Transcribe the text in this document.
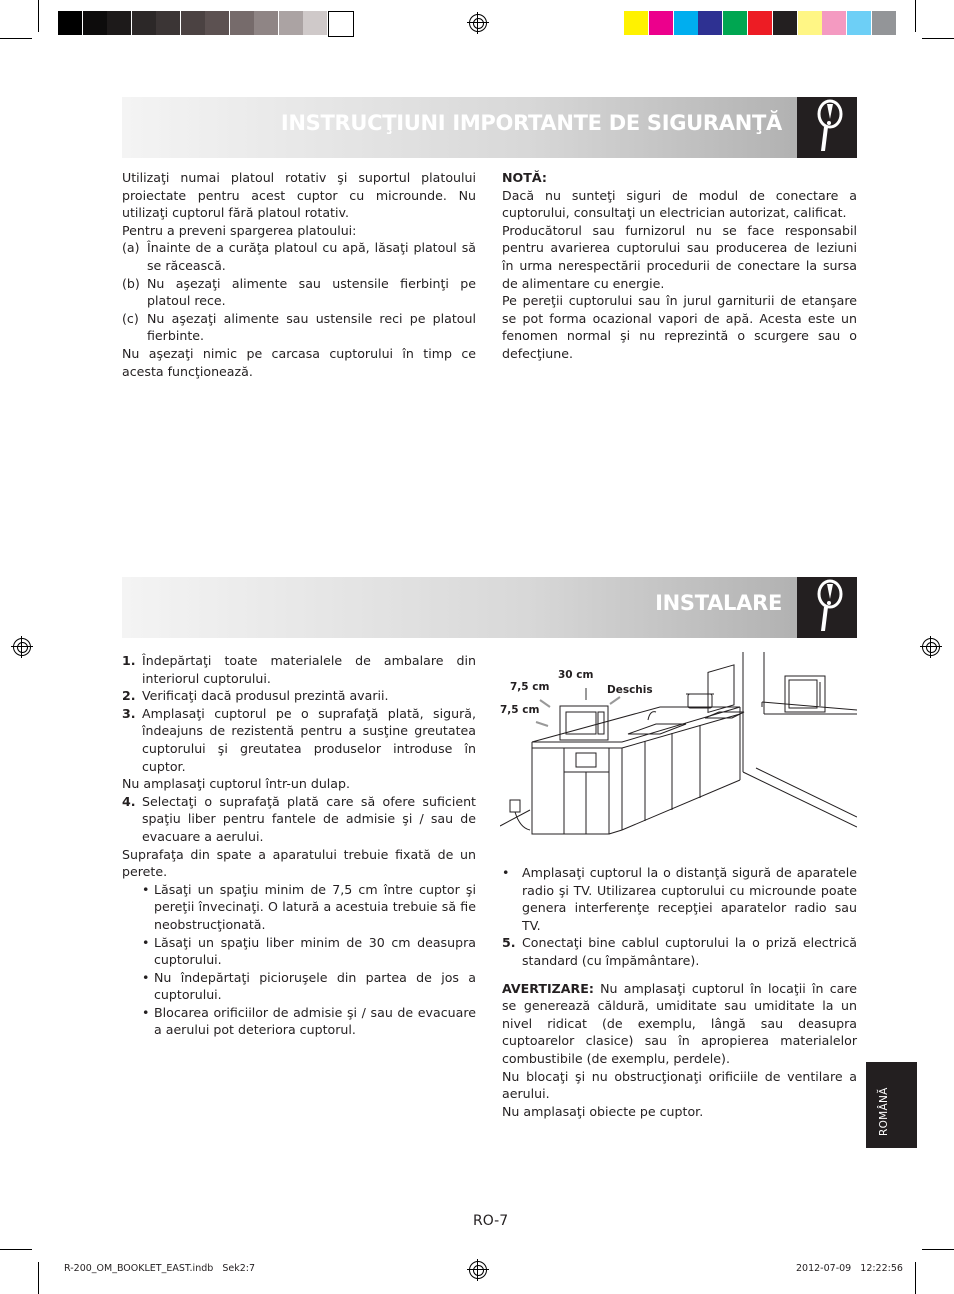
INSTRUCŢIUNI IMPORTANTE DE SIGURANŢĂ

Utilizaţi numai platoul rotativ şi suportul platoului proiectate pentru acest cuptor cu microunde. Nu utilizaţi cuptorul fără platoul rotativ.

Pentru a preveni spargerea platoului:

(a) Înainte de a curăţa platoul cu apă, lăsaţi platoul să se răcească.
(b) Nu aşezaţi alimente sau ustensile fierbinţi pe platoul rece.
(c) Nu aşezaţi alimente sau ustensile reci pe platoul fierbinte.

Nu aşezaţi nimic pe carcasa cuptorului în timp ce acesta funcţionează.

NOTĂ:

Dacă nu sunteţi siguri de modul de conectare a cuptorului, consultaţi un electrician autorizat, calificat.

Producătorul sau furnizorul nu se face responsabil pentru avarierea cuptorului sau producerea de leziuni în urma nerespectării procedurii de conectare la sursa de alimentare cu energie.

Pe pereţii cuptorului sau în jurul garniturii de etanşare se pot forma ocazional vapori de apă. Acesta este un fenomen normal şi nu reprezintă o scurgere sau o defecţiune.

INSTALARE
1. Îndepărtaţi toate materialele de ambalare din interiorul cuptorului.
2. Verificaţi dacă produsul prezintă avarii.
3. Amplasaţi cuptorul pe o suprafaţă plată, sigură, îndeajuns de rezistentă pentru a susţine greutatea cuptorului şi greutatea produselor introduse în cuptor.

Nu amplasaţi cuptorul într-un dulap.

4. Selectaţi o suprafaţă plată care să ofere suficient spaţiu liber pentru fantele de admisie şi / sau de evacuare a aerului.

Suprafaţa din spate a aparatului trebuie fixată de un perete.

• Lăsaţi un spaţiu minim de 7,5 cm între cuptor şi pereţii învecinaţi. O latură a acestuia trebuie să fie neobstrucţionată.
• Lăsaţi un spaţiu liber minim de 30 cm deasupra cuptorului.
• Nu îndepărtaţi picioruşele din partea de jos a cuptorului.
• Blocarea orificiilor de admisie şi / sau de evacuare a aerului pot deteriora cuptorul.
30 cm
7,5 cm
7,5 cm
Deschis
• Amplasaţi cuptorul la o distanţă sigură de aparatele radio şi TV. Utilizarea cuptorului cu microunde poate genera interferenţe recepţiei aparatelor radio sau TV.
5. Conectaţi bine cablul cuptorului la o priză electrică standard (cu împământare).

AVERTIZARE: Nu amplasaţi cuptorul în locaţii în care se generează căldură, umiditate sau umiditate la un nivel ridicat (de exemplu, lângă sau deasupra cuptoarelor clasice) sau în apropierea materialelor combustibile (de exemplu, perdele).

Nu blocaţi şi nu obstrucţionaţi orificiile de ventilare a aerului.

Nu amplasaţi obiecte pe cuptor.	ROMÂNĂ
RO-7
R-200_OM_BOOKLET_EAST.indb   Sek2:7	2012-07-09   12:22:56
